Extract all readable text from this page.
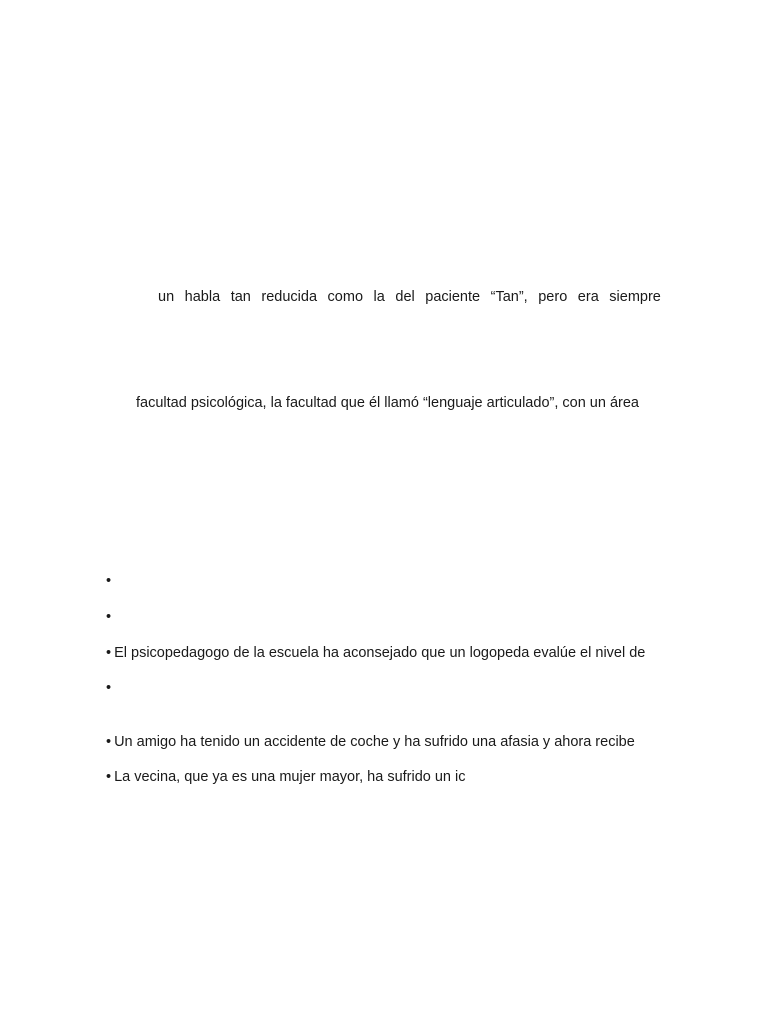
un habla tan reducida como la del paciente “Tan”, pero era siempre
facultad psicológica, la facultad que él llamó “lenguaje articulado”, con un área
•
•
• El psicopedagogo de la escuela ha aconsejado que un logopeda evalúe el nivel de
•
• Un amigo ha tenido un accidente de coche y ha sufrido una afasia y ahora recibe
• La vecina, que ya es una mujer mayor, ha sufrido un ic
